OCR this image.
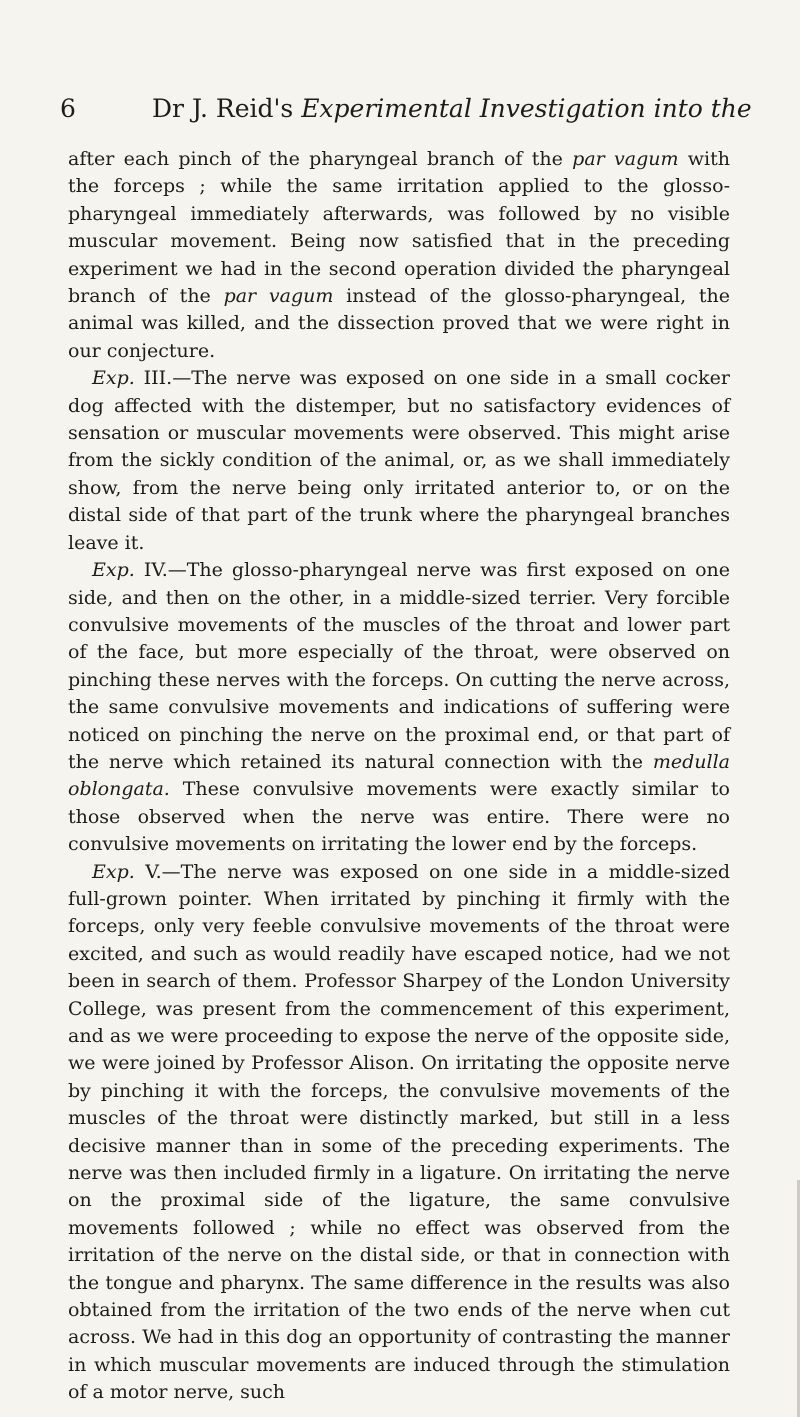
6	Dr J. Reid's Experimental Investigation into the

after each pinch of the pharyngeal branch of the par vagum with the forceps ; while the same irritation applied to the glosso-pharyngeal immediately afterwards, was followed by no visible muscular movement. Being now satisfied that in the preceding experiment we had in the second operation divided the pharyngeal branch of the par vagum instead of the glosso-pharyngeal, the animal was killed, and the dissection proved that we were right in our conjecture.

Exp. III.—The nerve was exposed on one side in a small cocker dog affected with the distemper, but no satisfactory evidences of sensation or muscular movements were observed. This might arise from the sickly condition of the animal, or, as we shall immediately show, from the nerve being only irritated anterior to, or on the distal side of that part of the trunk where the pharyngeal branches leave it.

Exp. IV.—The glosso-pharyngeal nerve was first exposed on one side, and then on the other, in a middle-sized terrier. Very forcible convulsive movements of the muscles of the throat and lower part of the face, but more especially of the throat, were observed on pinching these nerves with the forceps. On cutting the nerve across, the same convulsive movements and indications of suffering were noticed on pinching the nerve on the proximal end, or that part of the nerve which retained its natural connection with the medulla oblongata. These convulsive movements were exactly similar to those observed when the nerve was entire. There were no convulsive movements on irritating the lower end by the forceps.

Exp. V.—The nerve was exposed on one side in a middle-sized full-grown pointer. When irritated by pinching it firmly with the forceps, only very feeble convulsive movements of the throat were excited, and such as would readily have escaped notice, had we not been in search of them. Professor Sharpey of the London University College, was present from the commencement of this experiment, and as we were proceeding to expose the nerve of the opposite side, we were joined by Professor Alison. On irritating the opposite nerve by pinching it with the forceps, the convulsive movements of the muscles of the throat were distinctly marked, but still in a less decisive manner than in some of the preceding experiments. The nerve was then included firmly in a ligature. On irritating the nerve on the proximal side of the ligature, the same convulsive movements followed ; while no effect was observed from the irritation of the nerve on the distal side, or that in connection with the tongue and pharynx. The same difference in the results was also obtained from the irritation of the two ends of the nerve when cut across. We had in this dog an opportunity of contrasting the manner in which muscular movements are induced through the stimulation of a motor nerve, such
